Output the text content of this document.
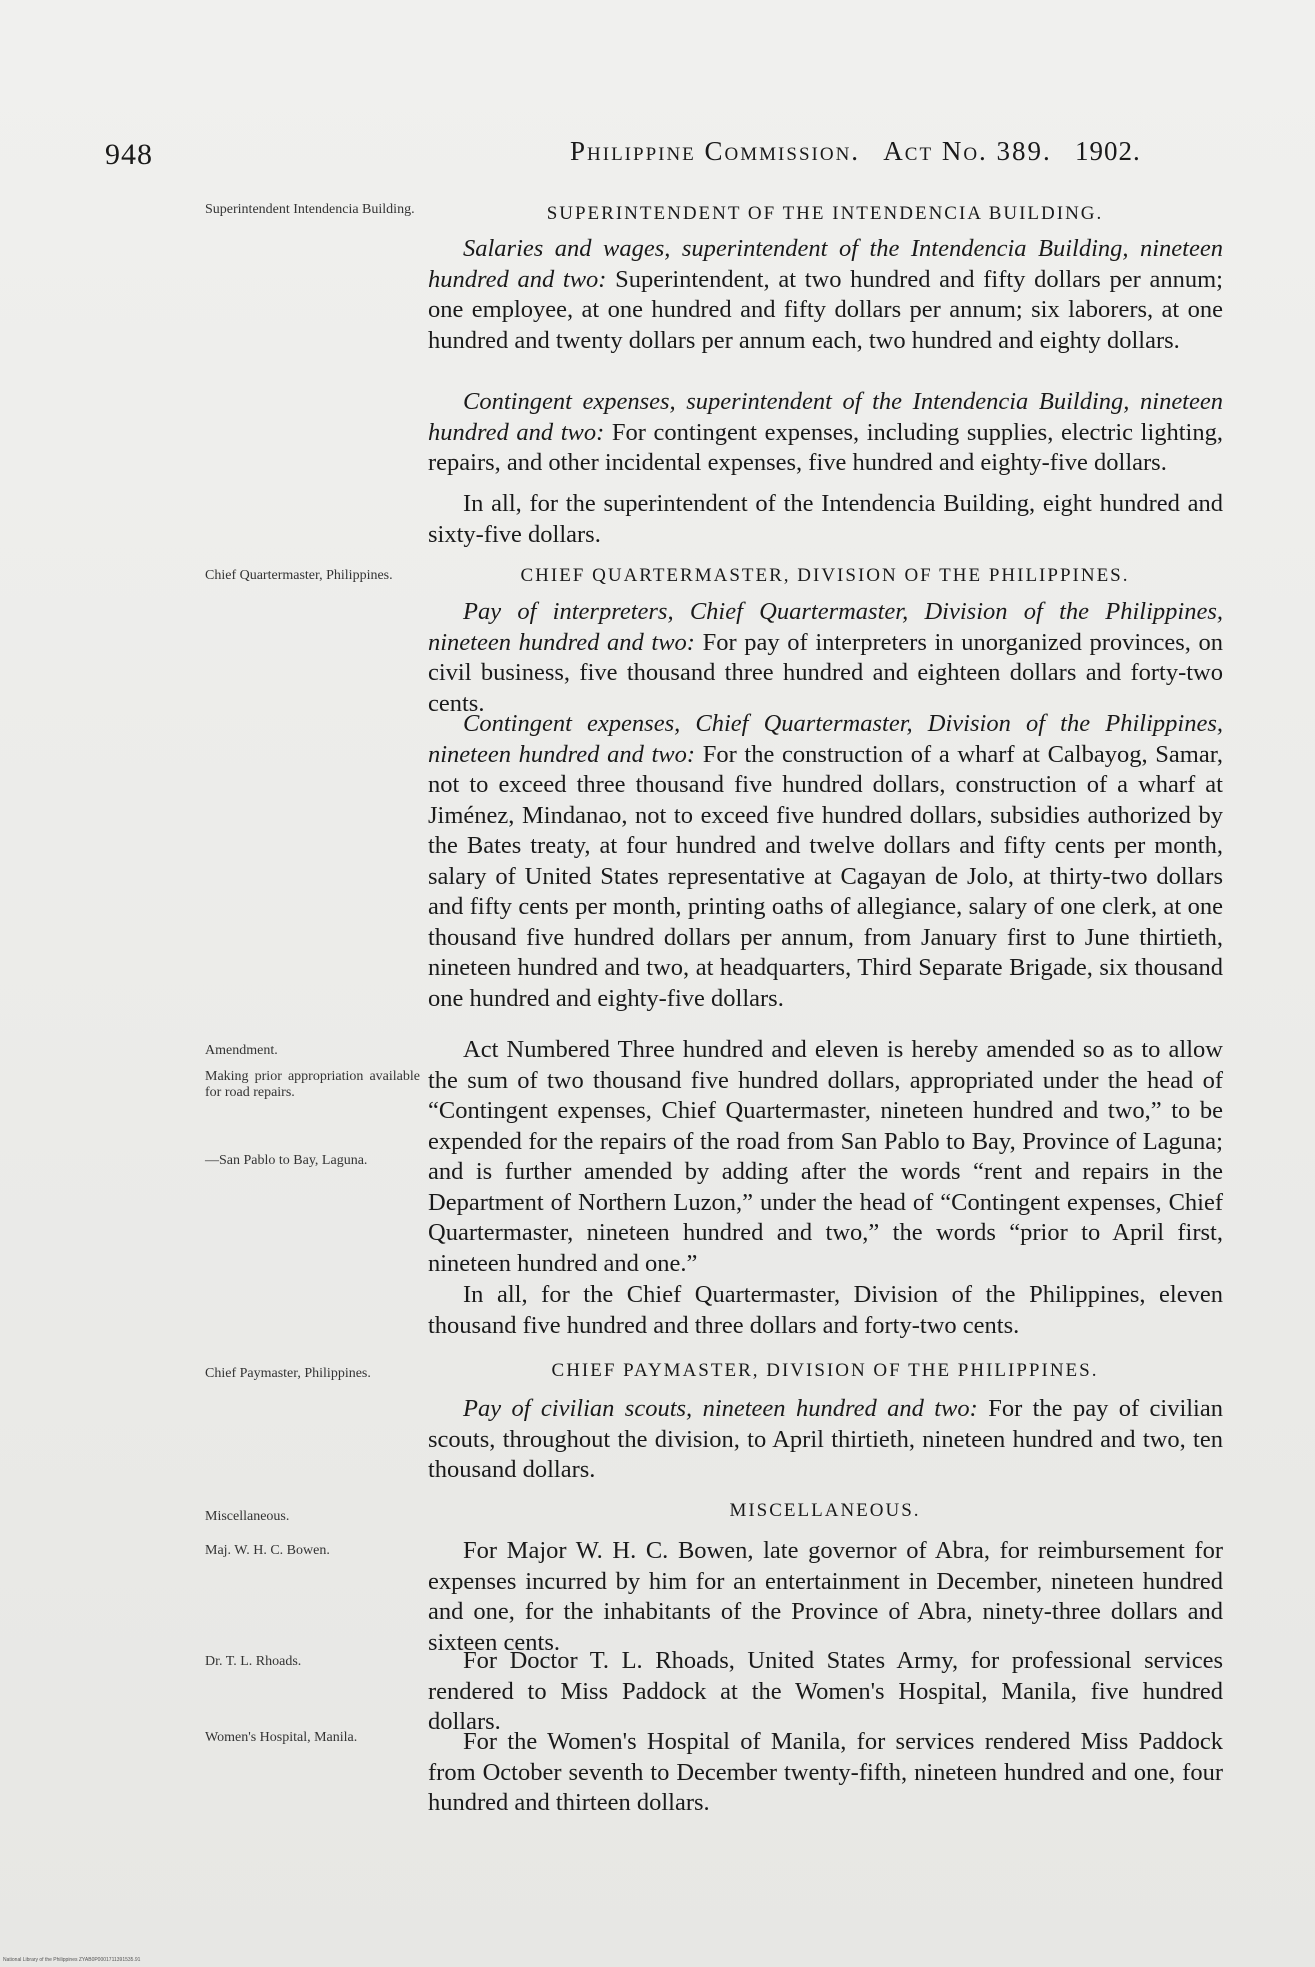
948	Philippine Commission. Act No. 389. 1902.
Superintendent Intendencia Building.	SUPERINTENDENT OF THE INTENDENCIA BUILDING.
Salaries and wages, superintendent of the Intendencia Building, nineteen hundred and two: Superintendent, at two hundred and fifty dollars per annum; one employee, at one hundred and fifty dollars per annum; six laborers, at one hundred and twenty dollars per annum each, two hundred and eighty dollars.
Contingent expenses, superintendent of the Intendencia Building, nineteen hundred and two: For contingent expenses, including supplies, electric lighting, repairs, and other incidental expenses, five hundred and eighty-five dollars.
In all, for the superintendent of the Intendencia Building, eight hundred and sixty-five dollars.
Chief Quartermaster, Philippines.	CHIEF QUARTERMASTER, DIVISION OF THE PHILIPPINES.
Pay of interpreters, Chief Quartermaster, Division of the Philippines, nineteen hundred and two: For pay of interpreters in unorganized provinces, on civil business, five thousand three hundred and eighteen dollars and forty-two cents.
Contingent expenses, Chief Quartermaster, Division of the Philippines, nineteen hundred and two: For the construction of a wharf at Calbayog, Samar, not to exceed three thousand five hundred dollars, construction of a wharf at Jiménez, Mindanao, not to exceed five hundred dollars, subsidies authorized by the Bates treaty, at four hundred and twelve dollars and fifty cents per month, salary of United States representative at Cagayan de Jolo, at thirty-two dollars and fifty cents per month, printing oaths of allegiance, salary of one clerk, at one thousand five hundred dollars per annum, from January first to June thirtieth, nineteen hundred and two, at headquarters, Third Separate Brigade, six thousand one hundred and eighty-five dollars.
Amendment.
Making prior appropriation available for road repairs.
—San Pablo to Bay, Laguna.
Act Numbered Three hundred and eleven is hereby amended so as to allow the sum of two thousand five hundred dollars, appropriated under the head of “Contingent expenses, Chief Quartermaster, nineteen hundred and two,” to be expended for the repairs of the road from San Pablo to Bay, Province of Laguna; and is further amended by adding after the words “rent and repairs in the Department of Northern Luzon,” under the head of “Contingent expenses, Chief Quartermaster, nineteen hundred and two,” the words “prior to April first, nineteen hundred and one.”
In all, for the Chief Quartermaster, Division of the Philippines, eleven thousand five hundred and three dollars and forty-two cents.
Chief Paymaster, Philippines.	CHIEF PAYMASTER, DIVISION OF THE PHILIPPINES.
Pay of civilian scouts, nineteen hundred and two: For the pay of civilian scouts, throughout the division, to April thirtieth, nineteen hundred and two, ten thousand dollars.
Miscellaneous.	MISCELLANEOUS.
Maj. W. H. C. Bowen.	For Major W. H. C. Bowen, late governor of Abra, for reimbursement for expenses incurred by him for an entertainment in December, nineteen hundred and one, for the inhabitants of the Province of Abra, ninety-three dollars and sixteen cents.
Dr. T. L. Rhoads.	For Doctor T. L. Rhoads, United States Army, for professional services rendered to Miss Paddock at the Women's Hospital, Manila, five hundred dollars.
Women's Hospital, Manila.	For the Women's Hospital of Manila, for services rendered Miss Paddock from October seventh to December twenty-fifth, nineteen hundred and one, four hundred and thirteen dollars.
National Library of the Philippines ZYAB0P0001711391535.91
